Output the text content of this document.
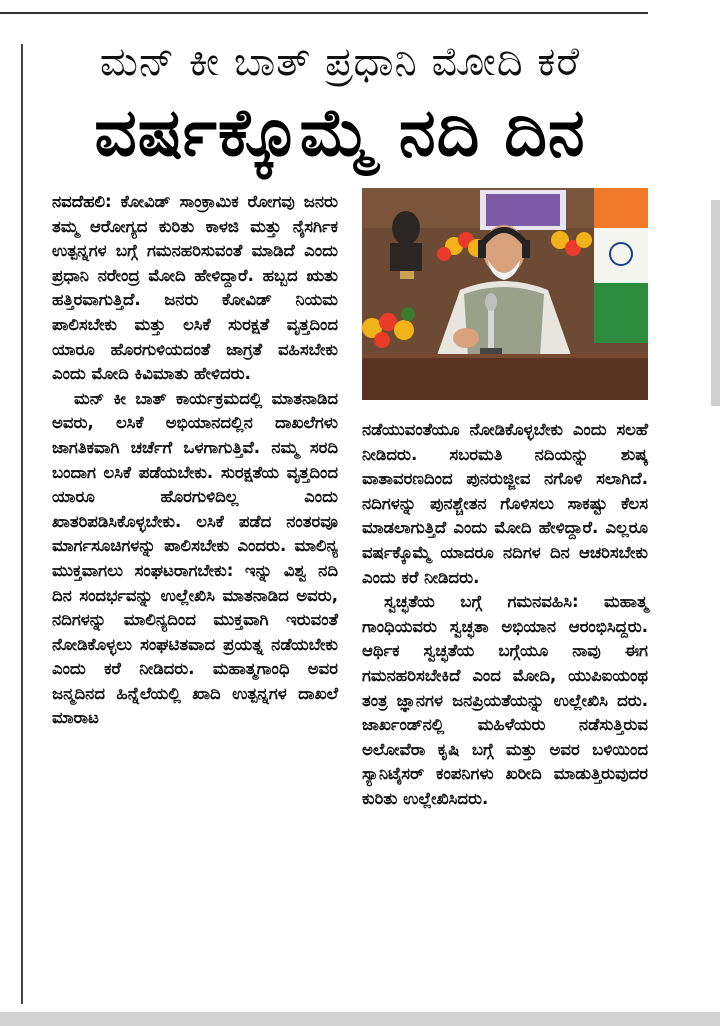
ಮನ್ ಕೀ ಬಾತ್ ಪ್ರಧಾನಿ ಮೋದಿ ಕರೆ
ವರ್ಷಕ್ಕೊಮ್ಮೆ ನದಿ ದಿನ

ನವದೆಹಲಿ: ಕೋವಿಡ್ ಸಾಂಕ್ರಾಮಿಕ ರೋಗವು ಜನರು ತಮ್ಮ ಆರೋಗ್ಯದ ಕುರಿತು ಕಾಳಜಿ ಮತ್ತು ನೈಸರ್ಗಿಕ ಉತ್ಪನ್ನಗಳ ಬಗ್ಗೆ ಗಮನಹರಿಸುವಂತೆ ಮಾಡಿದೆ ಎಂದು ಪ್ರಧಾನಿ ನರೇಂದ್ರ ಮೋದಿ ಹೇಳಿದ್ದಾರೆ. ಹಬ್ಬದ ಋತು ಹತ್ತಿರವಾಗುತ್ತಿದೆ. ಜನರು ಕೋವಿಡ್ ನಿಯಮ ಪಾಲಿಸಬೇಕು ಮತ್ತು ಲಸಿಕೆ ಸುರಕ್ಷತೆ ವೃತ್ತದಿಂದ ಯಾರೂ ಹೊರಗುಳಿಯದಂತೆ ಜಾಗ್ರತೆ ವಹಿಸಬೇಕು ಎಂದು ಮೋದಿ ಕಿವಿಮಾತು ಹೇಳಿದರು.

ಮನ್ ಕೀ ಬಾತ್ ಕಾರ್ಯಕ್ರಮದಲ್ಲಿ ಮಾತನಾಡಿದ ಅವರು, ಲಸಿಕೆ ಅಭಿಯಾನದಲ್ಲಿನ ದಾಖಲೆಗಳು ಜಾಗತಿಕವಾಗಿ ಚರ್ಚೆಗೆ ಒಳಗಾಗುತ್ತಿವೆ. ನಮ್ಮ ಸರದಿ ಬಂದಾಗ ಲಸಿಕೆ ಪಡೆಯಬೇಕು. ಸುರಕ್ಷತೆಯ ವೃತ್ತದಿಂದ ಯಾರೂ ಹೊರಗುಳಿದಿಲ್ಲ ಎಂದು ಖಾತರಿಪಡಿಸಿಕೊಳ್ಳಬೇಕು. ಲಸಿಕೆ ಪಡೆದ ನಂತರವೂ ಮಾರ್ಗಸೂಚಿಗಳನ್ನು ಪಾಲಿಸಬೇಕು ಎಂದರು. ಮಾಲಿನ್ಯ ಮುಕ್ತವಾಗಲು ಸಂಘಟರಾಗಬೇಕು: ಇನ್ನು ವಿಶ್ವ ನದಿ ದಿನ ಸಂದರ್ಭವನ್ನು ಉಲ್ಲೇಖಿಸಿ ಮಾತನಾಡಿದ ಅವರು, ನದಿಗಳನ್ನು ಮಾಲಿನ್ಯದಿಂದ ಮುಕ್ತವಾಗಿ ಇರುವಂತೆ ನೋಡಿಕೊಳ್ಳಲು ಸಂಘಟಿತವಾದ ಪ್ರಯತ್ನ ನಡೆಯಬೇಕು ಎಂದು ಕರೆ ನೀಡಿದರು. ಮಹಾತ್ಮಗಾಂಧಿ ಅವರ ಜನ್ಮದಿನದ ಹಿನ್ನೆಲೆಯಲ್ಲಿ ಖಾದಿ ಉತ್ಪನ್ನಗಳ ದಾಖಲೆ ಮಾರಾಟ

ನಡೆಯುವಂತೆಯೂ ನೋಡಿಕೊಳ್ಳಬೇಕು ಎಂದು ಸಲಹೆ ನೀಡಿದರು. ಸಬರಮತಿ ನದಿಯನ್ನು ಶುಷ್ಕ ವಾತಾವರಣದಿಂದ ಪುನರುಜ್ಜೀವ ನಗೊಳಿ ಸಲಾಗಿದೆ. ನದಿಗಳನ್ನು ಪುನಶ್ಚೇತನ ಗೊಳಿಸಲು ಸಾಕಷ್ಟು ಕೆಲಸ ಮಾಡಲಾಗುತ್ತಿದೆ ಎಂದು ಮೋದಿ ಹೇಳಿದ್ದಾರೆ. ಎಲ್ಲರೂ ವರ್ಷಕ್ಕೊಮ್ಮೆ ಯಾದರೂ ನದಿಗಳ ದಿನ ಆಚರಿಸಬೇಕು ಎಂದು ಕರೆ ನೀಡಿದರು.

ಸ್ವಚ್ಛತೆಯ ಬಗ್ಗೆ ಗಮನವಹಿಸಿ: ಮಹಾತ್ಮ ಗಾಂಧಿಯವರು ಸ್ವಚ್ಛತಾ ಅಭಿಯಾನ ಆರಂಭಿಸಿದ್ದರು. ಆರ್ಥಿಕ ಸ್ವಚ್ಛತೆಯ ಬಗ್ಗೆಯೂ ನಾವು ಈಗ ಗಮನಹರಿಸಬೇಕಿದೆ ಎಂದ ಮೋದಿ, ಯುಪಿಐಯಂಥ ತಂತ್ರ ಜ್ಞಾನಗಳ ಜನಪ್ರಿಯತೆಯನ್ನು ಉಲ್ಲೇಖಿಸಿ ದರು. ಜಾರ್ಖಂಡ್‌ನಲ್ಲಿ ಮಹಿಳೆಯರು ನಡೆಸುತ್ತಿರುವ ಅಲೋವೆರಾ ಕೃಷಿ ಬಗ್ಗೆ ಮತ್ತು ಅವರ ಬಳಿಯಿಂದ ಸ್ಯಾನಿಟೈಸರ್ ಕಂಪನಿಗಳು ಖರೀದಿ ಮಾಡುತ್ತಿರುವುದರ ಕುರಿತು ಉಲ್ಲೇಖಿಸಿದರು.
